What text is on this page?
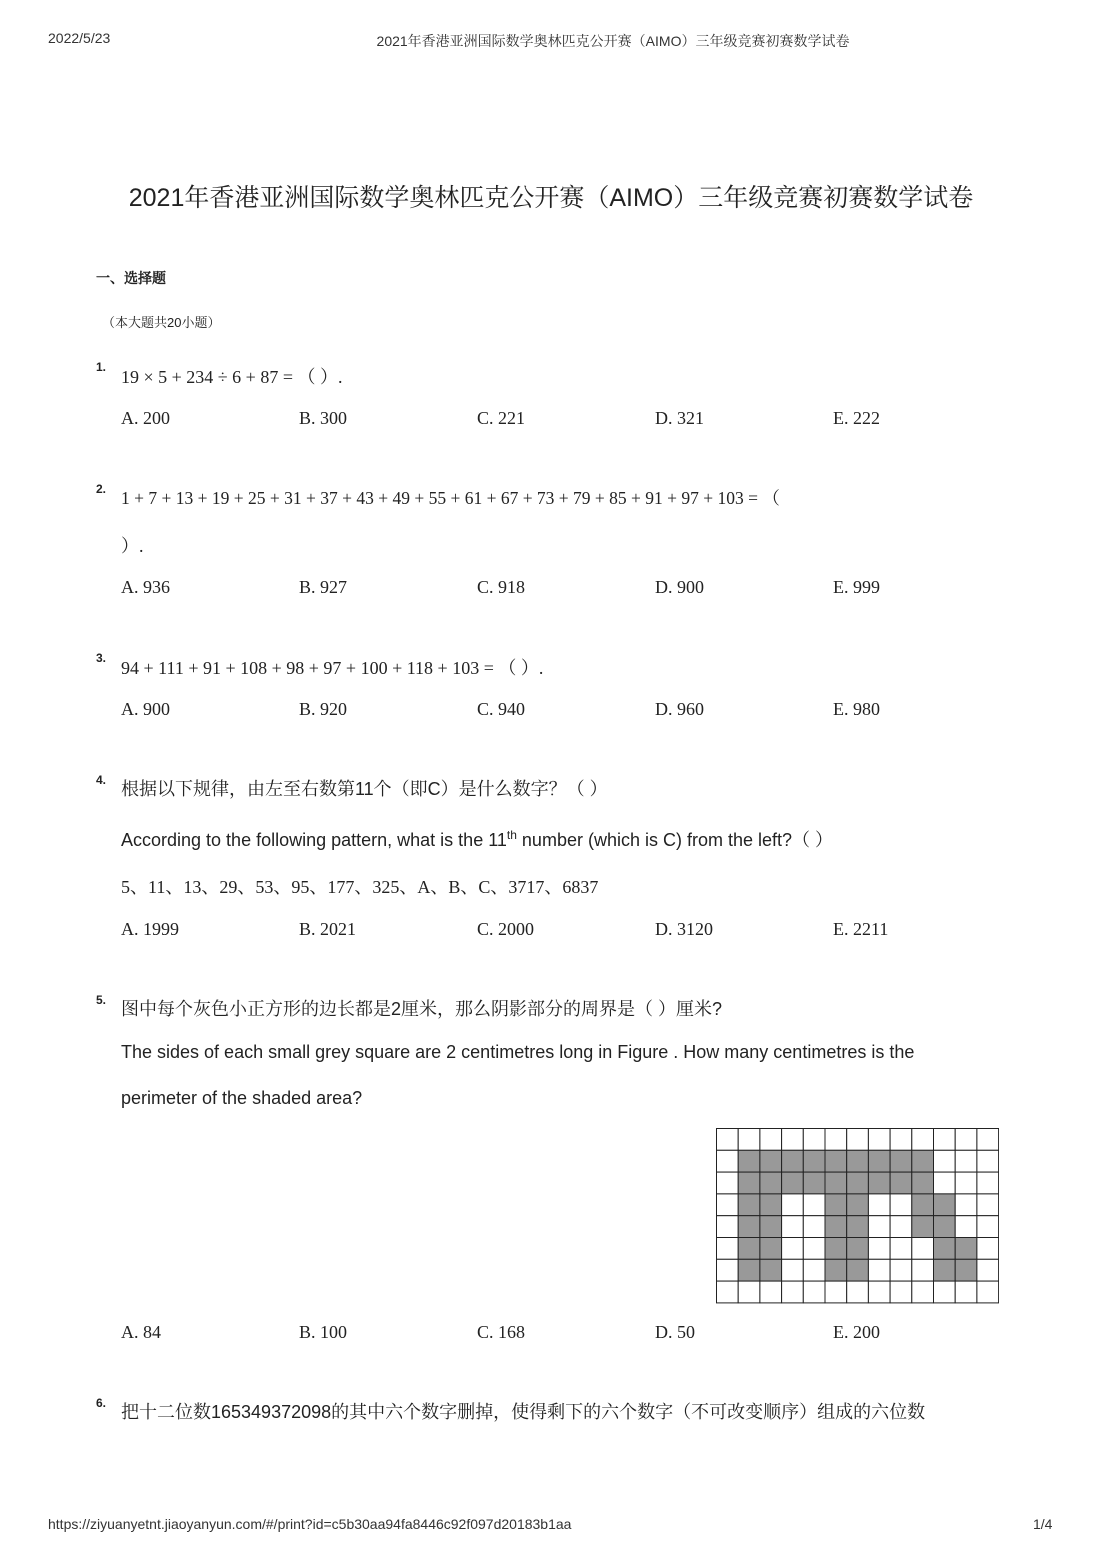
2022/5/23	2021年香港亚洲国际数学奥林匹克公开赛（AIMO）三年级竞赛初赛数学试卷
2021年香港亚洲国际数学奥林匹克公开赛（AIMO）三年级竞赛初赛数学试卷
一、选择题
（本大题共20小题）
1. 19 × 5 + 234 ÷ 6 + 87 = （ ）.
A. 200	B. 300	C. 221	D. 321	E. 222
2. 1 + 7 + 13 + 19 + 25 + 31 + 37 + 43 + 49 + 55 + 61 + 67 + 73 + 79 + 85 + 91 + 97 + 103 = （
）.
A. 936	B. 927	C. 918	D. 900	E. 999
3. 94 + 111 + 91 + 108 + 98 + 97 + 100 + 118 + 103 = （ ）.
A. 900	B. 920	C. 940	D. 960	E. 980
4. 根据以下规律，由左至右数第11个（即C）是什么数字？（ ）
According to the following pattern, what is the 11th number (which is C) from the left?（ ）
5、11、13、29、53、95、177、325、A、B、C、3717、6837
A. 1999	B. 2021	C. 2000	D. 3120	E. 2211
5. 图中每个灰色小正方形的边长都是2厘米，那么阴影部分的周界是（ ）厘米?
The sides of each small grey square are 2 centimetres long in Figure . How many centimetres is the
perimeter of the shaded area?
A. 84	B. 100	C. 168	D. 50	E. 200
6. 把十二位数165349372098的其中六个数字删掉，使得剩下的六个数字（不可改变顺序）组成的六位数
https://ziyuanyetnt.jiaoyanyun.com/#/print?id=c5b30aa94fa8446c92f097d20183b1aa	1/4
